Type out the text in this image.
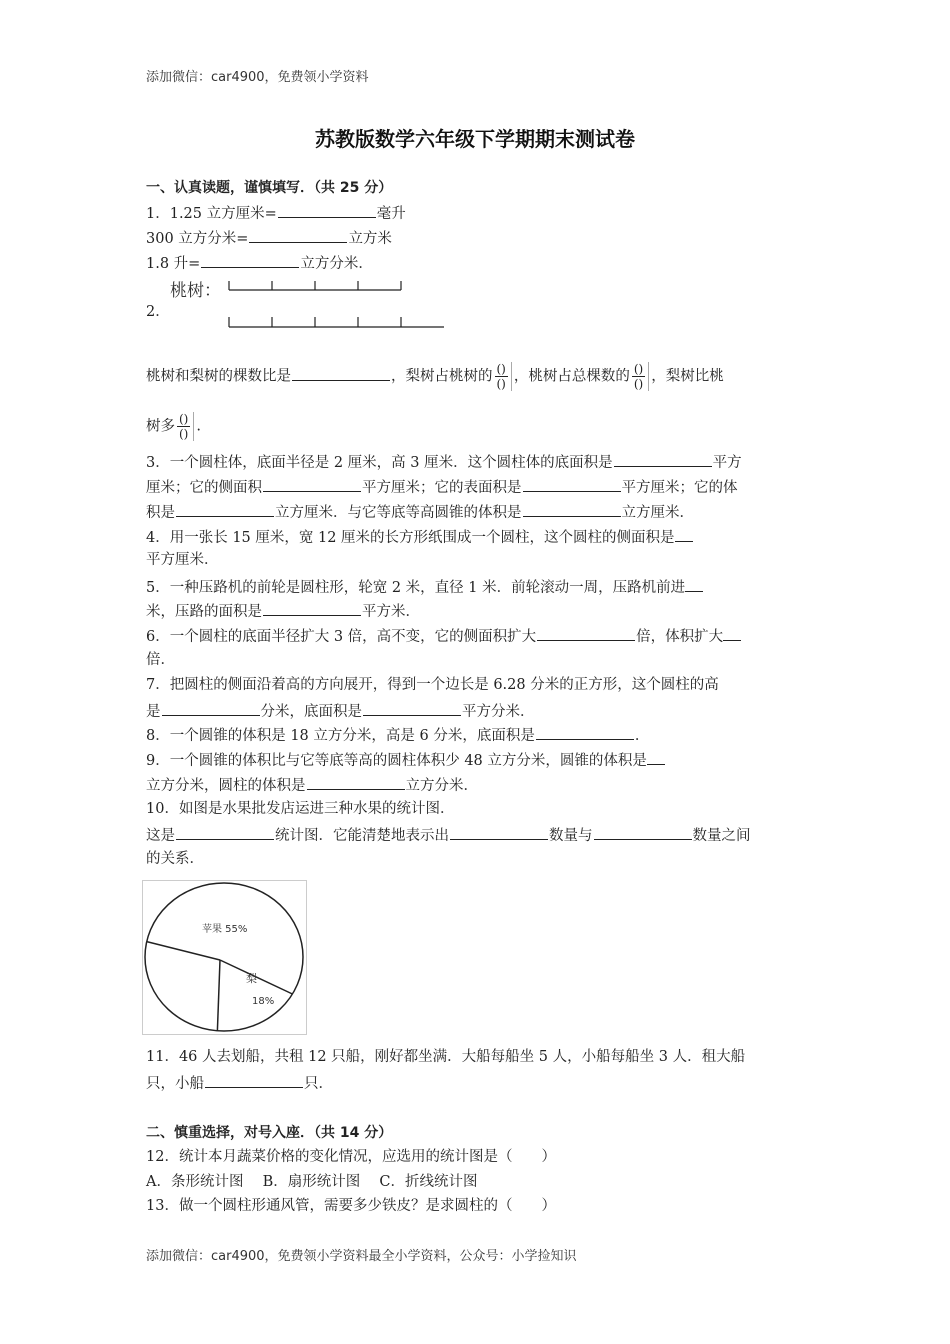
添加微信：car4900，免费领小学资料
苏教版数学六年级下学期期末测试卷
一、认真读题，谨慎填写．（共 25 分）
1．1.25 立方厘米=	毫升
300 立方分米=	立方米
1.8 升=	立方分米．
桃树：
2．
桃树和梨树的棵数比是	，梨树占桃树的 $\frac{()}{()}$ ，桃树占总棵数的 $\frac{()}{()}$ ，梨树比桃
树多 $\frac{()}{()}$ .
3．一个圆柱体，底面半径是 2 厘米，高 3 厘米．这个圆柱体的底面积是	平方
厘米；它的侧面积	平方厘米；它的表面积是	平方厘米；它的体
积是	立方厘米．与它等底等高圆锥的体积是	立方厘米．
4．用一张长 15 厘米，宽 12 厘米的长方形纸围成一个圆柱，这个圆柱的侧面积是
平方厘米．
5．一种压路机的前轮是圆柱形，轮宽 2 米，直径 1 米．前轮滚动一周，压路机前进
米，压路的面积是	平方米．
6．一个圆柱的底面半径扩大 3 倍，高不变，它的侧面积扩大	倍，体积扩大
倍．
7．把圆柱的侧面沿着高的方向展开，得到一个边长是 6.28 分米的正方形，这个圆柱的高
是	分米，底面积是	平方分米．
8．一个圆锥的体积是 18 立方分米，高是 6 分米，底面积是	．
9．一个圆锥的体积比与它等底等高的圆柱体积少 48 立方分米，圆锥的体积是
立方分米，圆柱的体积是	立方分米．
10．如图是水果批发店运进三种水果的统计图．
这是	统计图．它能清楚地表示出	数量与	数量之间
的关系．
苹果 55%
梨
18%
11．46 人去划船，共租 12 只船，刚好都坐满．大船每船坐 5 人，小船每船坐 3 人．租大船
只，小船	只．
二、慎重选择，对号入座．（共 14 分）
12．统计本月蔬菜价格的变化情况，应选用的统计图是（　　）
A．条形统计图　 B．扇形统计图　 C．折线统计图
13．做一个圆柱形通风管，需要多少铁皮？是求圆柱的（　　）
添加微信：car4900，免费领小学资料最全小学资料，公众号：小学捡知识
